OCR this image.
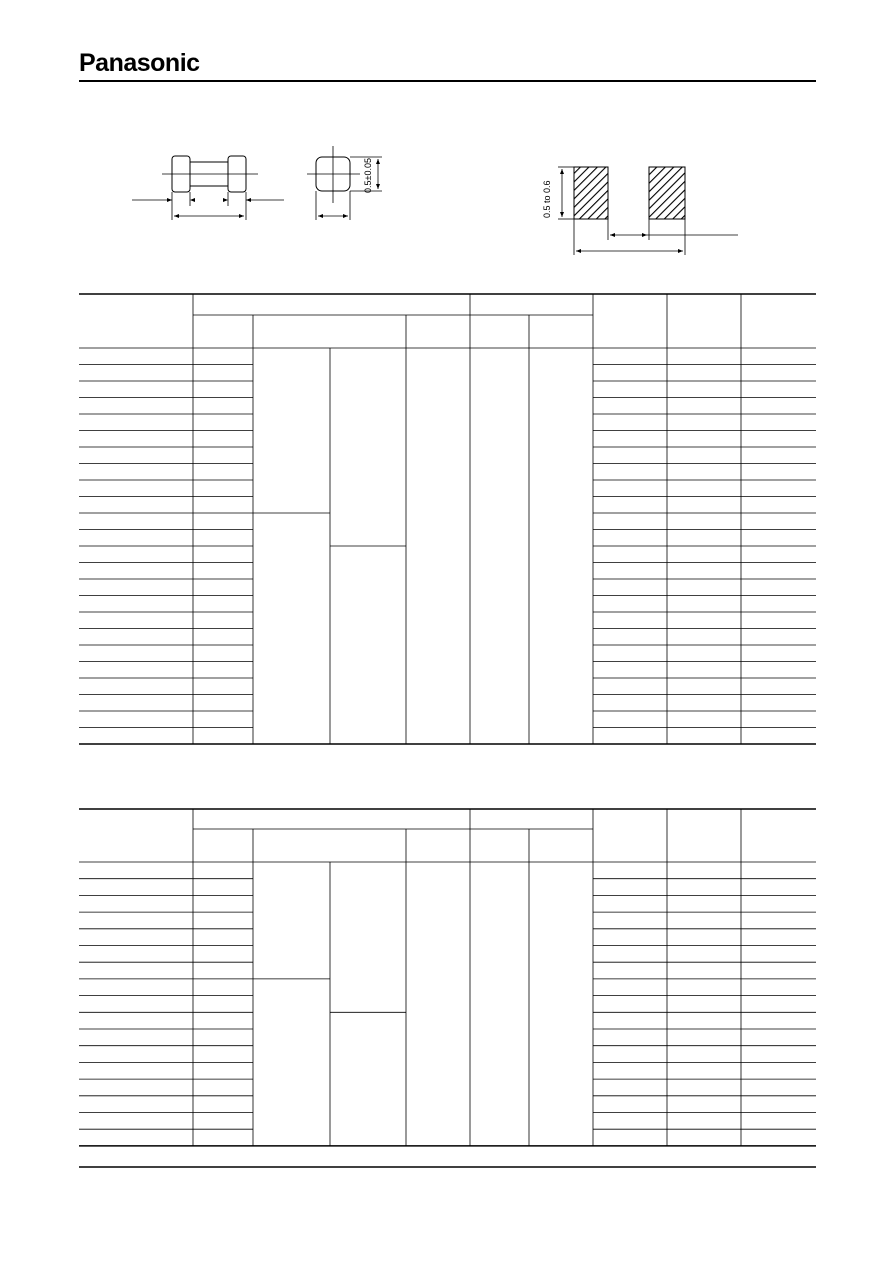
Panasonic
0.5±0.05
0.5 to 0.6
